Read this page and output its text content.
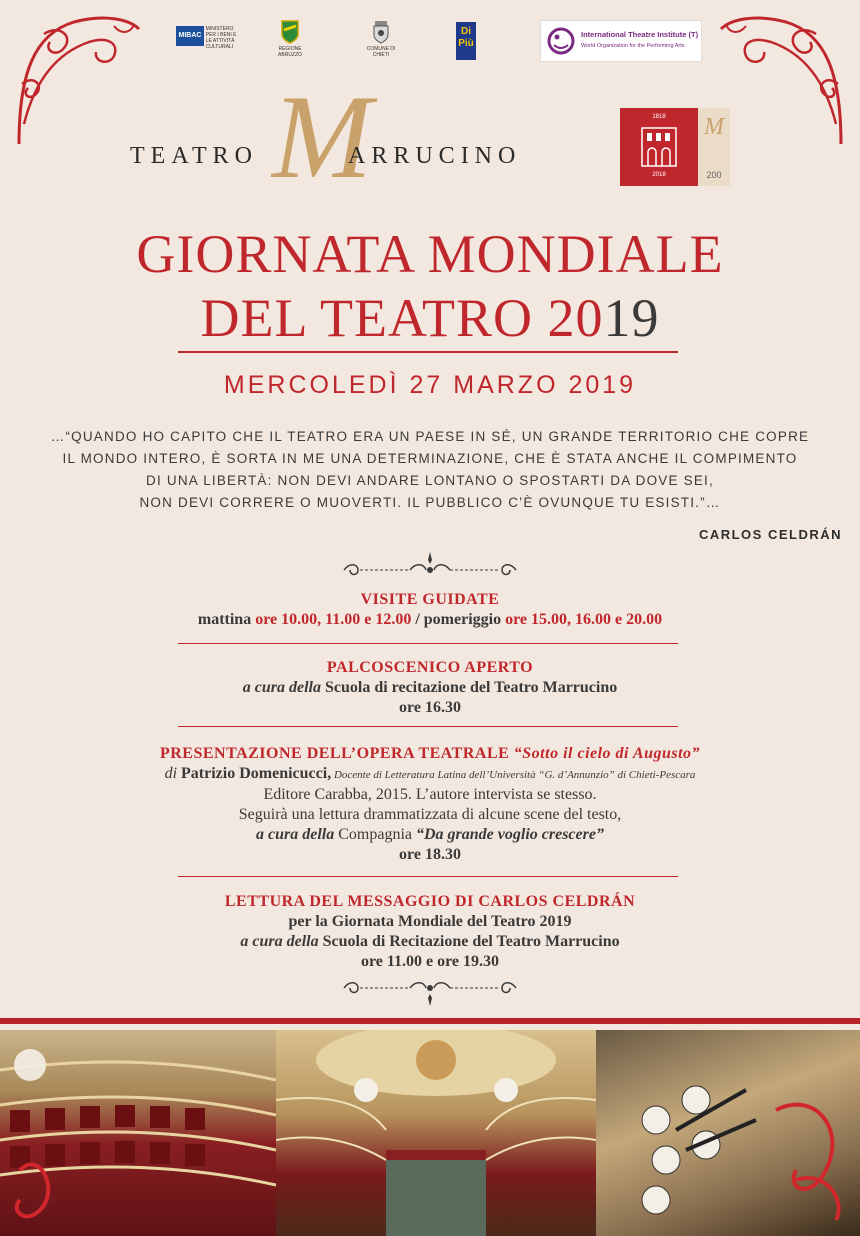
MIBAC MINISTERO PER I BENI E LE ATTIVITÀ CULTURALI	REGIONE ABRUZZO
COMUNE DI CHIETI
Di Più
International Theatre Institute (T)
World Organization for the Performing Arts
TEATRO M
ARRUCINO
1818
2018
M
200
GIORNATA MONDIALE
DEL TEATRO 2019
MERCOLEDÌ 27 MARZO 2019
…“QUANDO HO CAPITO CHE IL TEATRO ERA UN PAESE IN SÉ, UN GRANDE TERRITORIO CHE COPRE
IL MONDO INTERO, È SORTA IN ME UNA DETERMINAZIONE, CHE È STATA ANCHE IL COMPIMENTO
DI UNA LIBERTÀ: NON DEVI ANDARE LONTANO O SPOSTARTI DA DOVE SEI,
NON DEVI CORRERE O MUOVERTI. IL PUBBLICO C’È OVUNQUE TU ESISTI.”…
CARLOS CELDRÁN
VISITE GUIDATE
mattina ore 10.00, 11.00 e 12.00 / pomeriggio ore 15.00, 16.00 e 20.00
PALCOSCENICO APERTO
a cura della Scuola di recitazione del Teatro Marrucino
ore 16.30
PRESENTAZIONE DELL’OPERA TEATRALE “Sotto il cielo di Augusto”
di Patrizio Domenicucci, Docente di Letteratura Latina dell’Università “G. d’Annunzio” di Chieti-Pescara
Editore Carabba, 2015. L’autore intervista se stesso.
Seguirà una lettura drammatizzata di alcune scene del testo,
a cura della Compagnia “Da grande voglio crescere”
ore 18.30
LETTURA DEL MESSAGGIO DI CARLOS CELDRÁN
per la Giornata Mondiale del Teatro 2019
a cura della Scuola di Recitazione del Teatro Marrucino
ore 11.00 e ore 19.30
